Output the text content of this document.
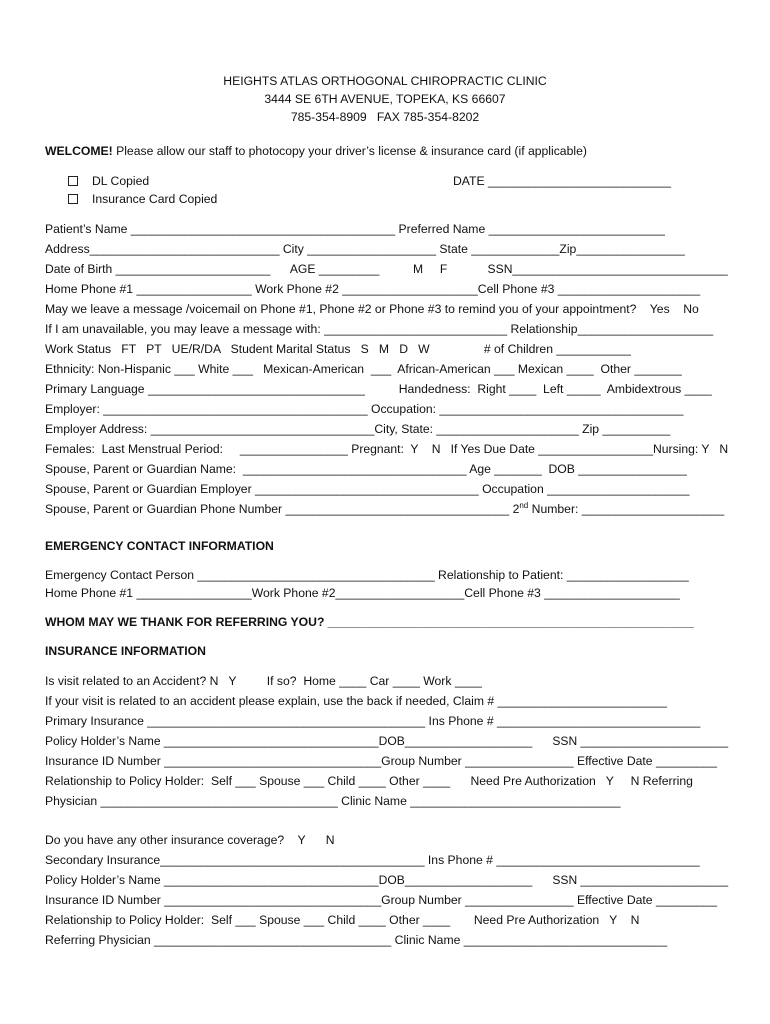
HEIGHTS ATLAS ORTHOGONAL CHIROPRACTIC CLINIC
3444 SE 6TH AVENUE, TOPEKA, KS 66607
785-354-8909   FAX 785-354-8202
WELCOME! Please allow our staff to photocopy your driver’s license & insurance card (if applicable)
DL Copied	DATE ___________________________
Insurance Card Copied
Patient’s Name _______________________________________ Preferred Name __________________________
Address____________________________ City ___________________ State _____________Zip________________
Date of Birth _______________________      AGE _________          M     F            SSN________________________________
Home Phone #1 _________________ Work Phone #2 ____________________Cell Phone #3 _____________________
May we leave a message /voicemail on Phone #1, Phone #2 or Phone #3 to remind you of your appointment?    Yes    No
If I am unavailable, you may leave a message with: ___________________________ Relationship____________________
Work Status   FT   PT   UE/R/DA   Student Marital Status   S   M   D   W                # of Children ___________
Ethnicity: Non-Hispanic ___ White ___   Mexican-American  ___  African-American ___ Mexican ____  Other _______
Primary Language ________________________________          Handedness:  Right ____  Left _____  Ambidextrous ____
Employer: _______________________________________ Occupation: ____________________________________
Employer Address: _________________________________City, State: _____________________ Zip __________
Females:  Last Menstrual Period:     ________________ Pregnant:  Y    N   If Yes Due Date _________________Nursing: Y   N
Spouse, Parent or Guardian Name:  _________________________________ Age _______  DOB ________________
Spouse, Parent or Guardian Employer _________________________________ Occupation _____________________
Spouse, Parent or Guardian Phone Number _________________________________ 2nd Number: _____________________
EMERGENCY CONTACT INFORMATION
Emergency Contact Person ___________________________________ Relationship to Patient: __________________
Home Phone #1 _________________Work Phone #2___________________Cell Phone #3 ____________________
WHOM MAY WE THANK FOR REFERRING YOU? ______________________________________________________
INSURANCE INFORMATION
Is visit related to an Accident? N   Y         If so?  Home ____ Car ____ Work ____
If your visit is related to an accident please explain, use the back if needed, Claim # _________________________
Primary Insurance _________________________________________ Ins Phone # ______________________________
Policy Holder’s Name ________________________________DOB___________________      SSN ______________________
Insurance ID Number ________________________________Group Number ________________ Effective Date _________
Relationship to Policy Holder:  Self ___ Spouse ___ Child ____ Other ____      Need Pre Authorization   Y     N Referring
Physician ___________________________________ Clinic Name _______________________________
Do you have any other insurance coverage?    Y      N
Secondary Insurance_______________________________________ Ins Phone # ______________________________
Policy Holder’s Name ________________________________DOB___________________      SSN ______________________
Insurance ID Number ________________________________Group Number ________________ Effective Date _________
Relationship to Policy Holder:  Self ___ Spouse ___ Child ____ Other ____       Need Pre Authorization   Y    N
Referring Physician ___________________________________ Clinic Name ______________________________
